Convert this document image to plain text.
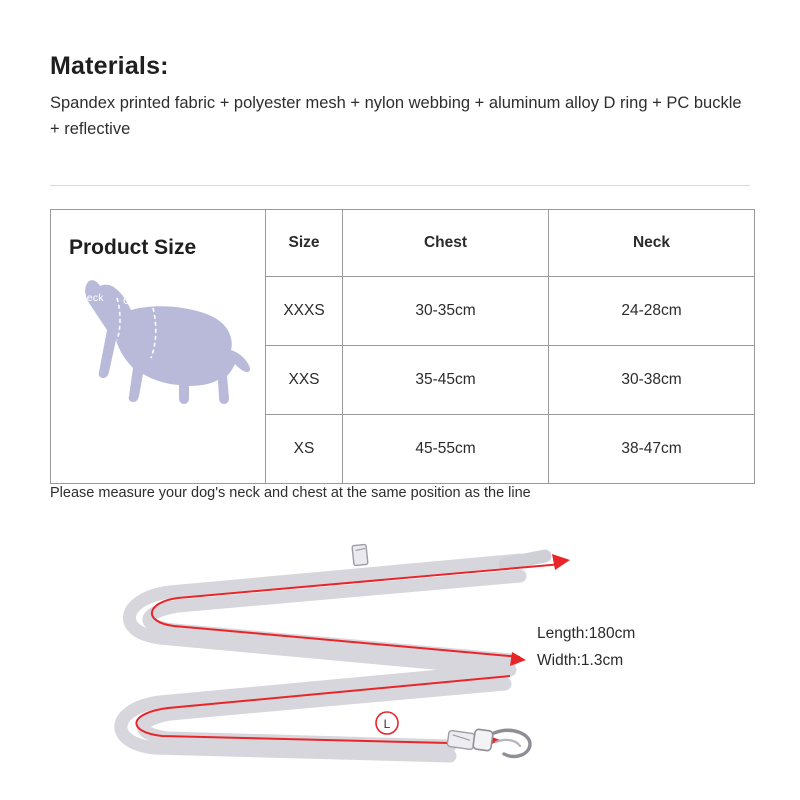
Materials:
Spandex printed fabric + polyester mesh + nylon webbing + aluminum alloy D ring + PC buckle + reflective
Product Size
Neck Chest	Size	Chest	Neck
	XXXS	30-35cm	24-28cm
	XXS	35-45cm	30-38cm
	XS	45-55cm	38-47cm
Please measure your dog's neck and chest at the same position as the line
L
Length:180cm
Width:1.3cm
